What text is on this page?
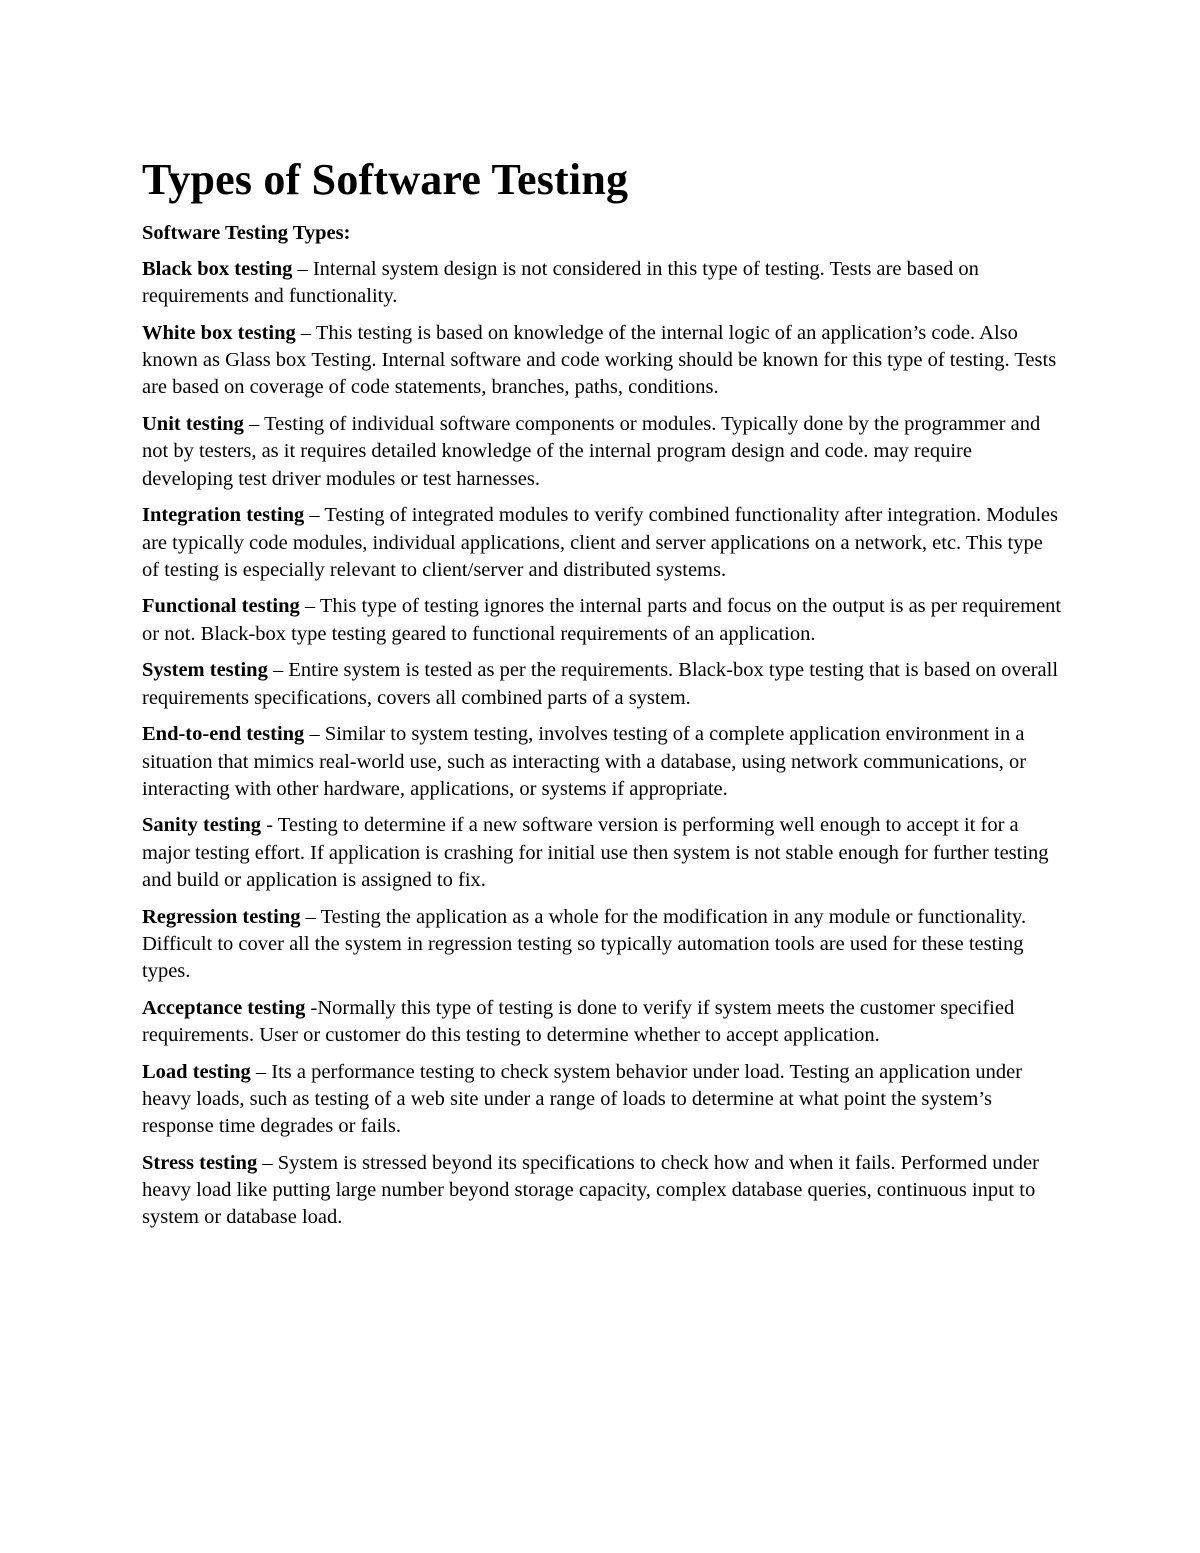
Types of Software Testing

Software Testing Types:

Black box testing – Internal system design is not considered in this type of testing. Tests are based on requirements and functionality.

White box testing – This testing is based on knowledge of the internal logic of an application’s code. Also known as Glass box Testing. Internal software and code working should be known for this type of testing. Tests are based on coverage of code statements, branches, paths, conditions.

Unit testing – Testing of individual software components or modules. Typically done by the programmer and not by testers, as it requires detailed knowledge of the internal program design and code. may require developing test driver modules or test harnesses.

Integration testing – Testing of integrated modules to verify combined functionality after integration. Modules are typically code modules, individual applications, client and server applications on a network, etc. This type of testing is especially relevant to client/server and distributed systems.

Functional testing – This type of testing ignores the internal parts and focus on the output is as per requirement or not. Black-box type testing geared to functional requirements of an application.

System testing – Entire system is tested as per the requirements. Black-box type testing that is based on overall requirements specifications, covers all combined parts of a system.

End-to-end testing – Similar to system testing, involves testing of a complete application environment in a situation that mimics real-world use, such as interacting with a database, using network communications, or interacting with other hardware, applications, or systems if appropriate.

Sanity testing - Testing to determine if a new software version is performing well enough to accept it for a major testing effort. If application is crashing for initial use then system is not stable enough for further testing and build or application is assigned to fix.

Regression testing – Testing the application as a whole for the modification in any module or functionality. Difficult to cover all the system in regression testing so typically automation tools are used for these testing types.

Acceptance testing -Normally this type of testing is done to verify if system meets the customer specified requirements. User or customer do this testing to determine whether to accept application.

Load testing – Its a performance testing to check system behavior under load. Testing an application under heavy loads, such as testing of a web site under a range of loads to determine at what point the system’s response time degrades or fails.

Stress testing – System is stressed beyond its specifications to check how and when it fails. Performed under heavy load like putting large number beyond storage capacity, complex database queries, continuous input to system or database load.
